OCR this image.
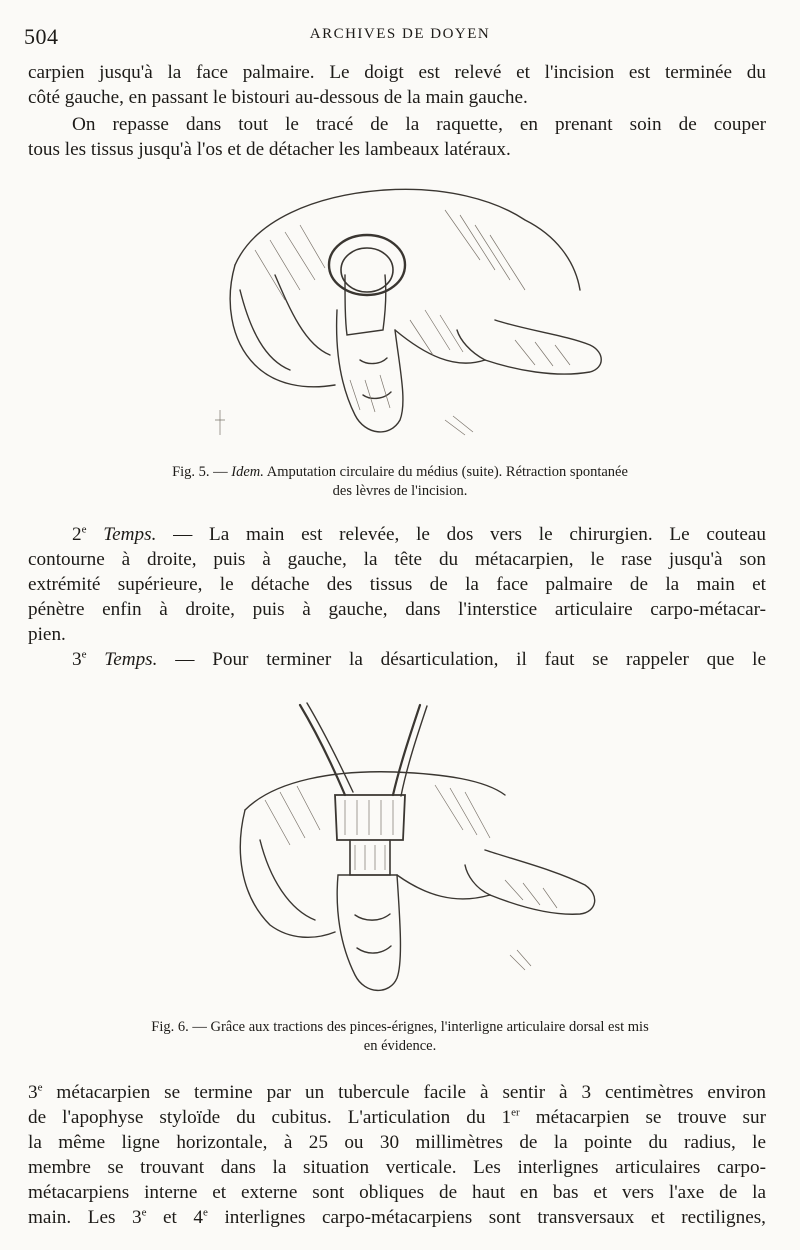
504	ARCHIVES DE DOYEN

carpien jusqu'à la face palmaire. Le doigt est relevé et l'incision est terminée du
côté gauche, en passant le bistouri au-dessous de la main gauche.

On repasse dans tout le tracé de la raquette, en prenant soin de couper
tous les tissus jusqu'à l'os et de détacher les lambeaux latéraux.

Fig. 5. — Idem. Amputation circulaire du médius (suite). Rétraction spontanée
des lèvres de l'incision.

2e Temps. — La main est relevée, le dos vers le chirurgien. Le couteau
contourne à droite, puis à gauche, la tête du métacarpien, le rase jusqu'à son
extrémité supérieure, le détache des tissus de la face palmaire de la main et
pénètre enfin à droite, puis à gauche, dans l'interstice articulaire carpo-métacar-
pien.

3e Temps. — Pour terminer la désarticulation, il faut se rappeler que le

Fig. 6. — Grâce aux tractions des pinces-érignes, l'interligne articulaire dorsal est mis
en évidence.

3e métacarpien se termine par un tubercule facile à sentir à 3 centimètres environ
de l'apophyse styloïde du cubitus. L'articulation du 1er métacarpien se trouve sur
la même ligne horizontale, à 25 ou 30 millimètres de la pointe du radius, le
membre se trouvant dans la situation verticale. Les interlignes articulaires carpo-
métacarpiens interne et externe sont obliques de haut en bas et vers l'axe de la
main. Les 3e et 4e interlignes carpo-métacarpiens sont transversaux et rectilignes,
